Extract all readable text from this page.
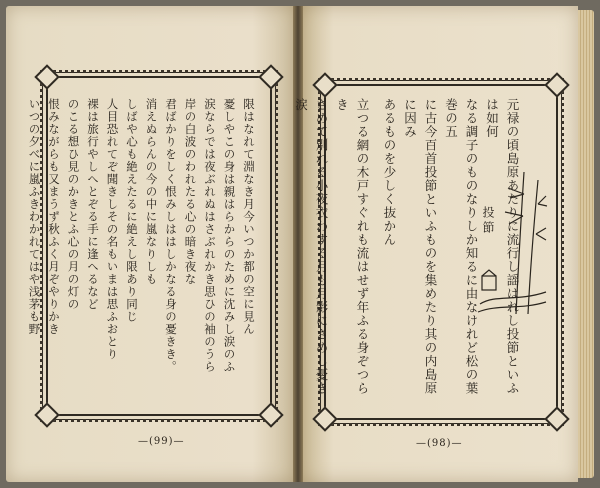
限はなれて淵なき月今いつか都の空に見ん
憂しやこの身は親はらからのために沈みし涙のふ
涙ならでは夜ぶれぬはさぶれかき思ひの袖のうら
岸の白波のわれたる心の暗き夜な
君ばかりをしく恨みしははしかなる身の憂きき。
消えぬらんの今の中に嵐なりしも
しばや心も絶えたるに絶えし限あり同じ
人目恐れてぞ聞きしその名もいまは思ふおとり
裸は旅行やしへとぞる手に逢へるなど
のこる想ひ見のかきとふ心の月の灯の
恨みながらも又まうず秋ふく月ぞやりかき
いつの夕べに嵐ふきわかれてはや浅茅も野
—(99)—
立つる網の木戸すぐれも流はせず年ふる身ぞつらき
さめて別れる小夜衣わする月も月影にさめし憂き涙	元禄の頃島原あたりに流行し謡はれし投節といふは如何
なる調子のものなりしか知るに由なけれど松の葉巻の五
に古今百首投節といふものを集めたり其の内島原に因み
あるものを少しく抜かん	投節
—(98)—
